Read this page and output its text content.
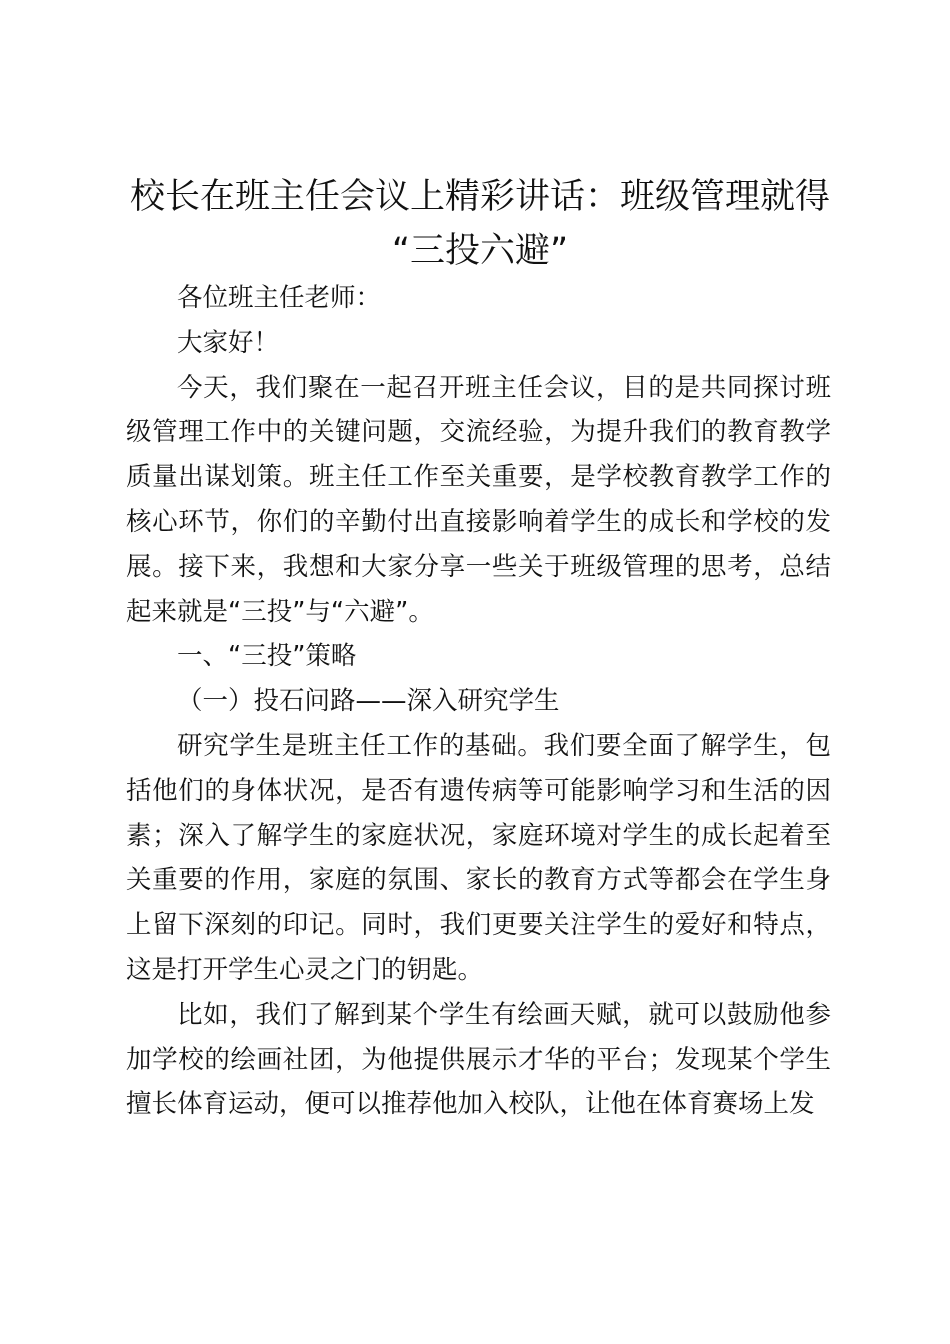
校长在班主任会议上精彩讲话：班级管理就得
“三投六避”

各位班主任老师：

大家好！

今天，我们聚在一起召开班主任会议，目的是共同探讨班级管理工作中的关键问题，交流经验，为提升我们的教育教学质量出谋划策。班主任工作至关重要，是学校教育教学工作的核心环节，你们的辛勤付出直接影响着学生的成长和学校的发展。接下来，我想和大家分享一些关于班级管理的思考，总结起来就是“三投”与“六避”。

一、“三投”策略

（一）投石问路——深入研究学生

研究学生是班主任工作的基础。我们要全面了解学生，包括他们的身体状况，是否有遗传病等可能影响学习和生活的因素；深入了解学生的家庭状况，家庭环境对学生的成长起着至关重要的作用，家庭的氛围、家长的教育方式等都会在学生身上留下深刻的印记。同时，我们更要关注学生的爱好和特点，这是打开学生心灵之门的钥匙。

比如，我们了解到某个学生有绘画天赋，就可以鼓励他参加学校的绘画社团，为他提供展示才华的平台；发现某个学生擅长体育运动，便可以推荐他加入校队，让他在体育赛场上发
